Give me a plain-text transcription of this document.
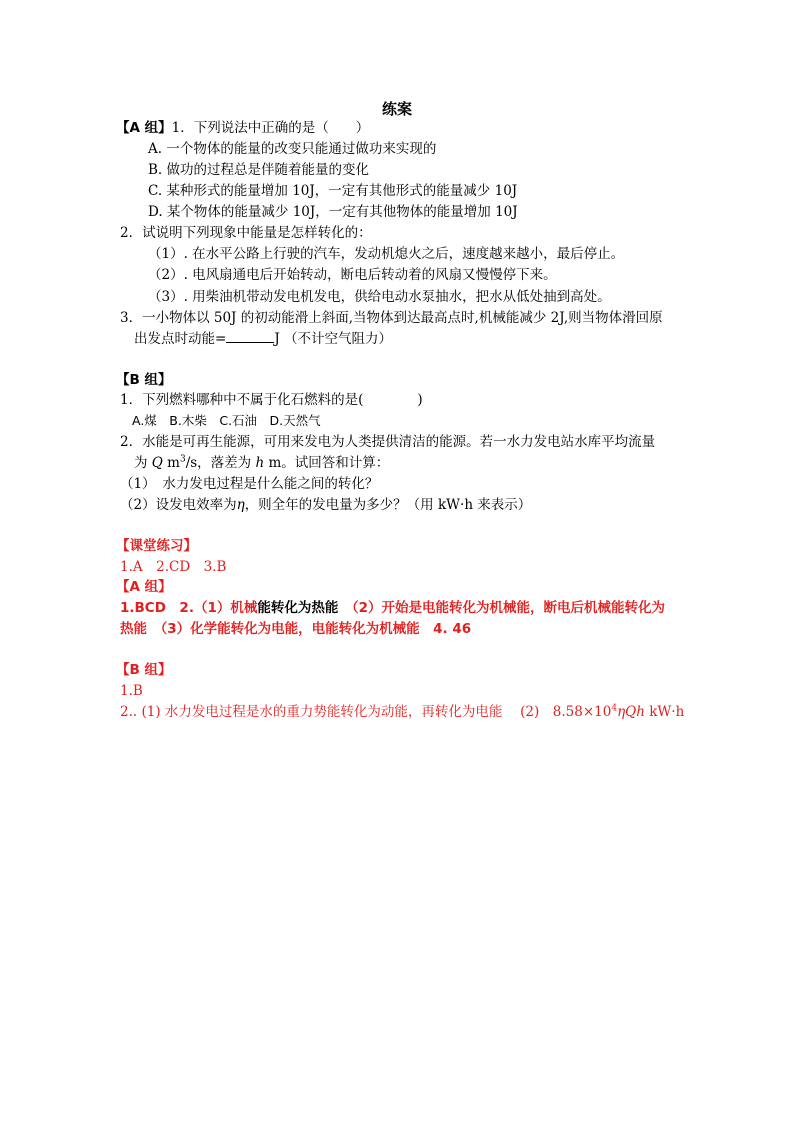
练案
【A 组】1．下列说法中正确的是（　　）
A. 一个物体的能量的改变只能通过做功来实现的
B. 做功的过程总是伴随着能量的变化
C. 某种形式的能量增加 10J，一定有其他形式的能量减少 10J
D. 某个物体的能量减少 10J，一定有其他物体的能量增加 10J
2．试说明下列现象中能量是怎样转化的：
（1）. 在水平公路上行驶的汽车，发动机熄火之后，速度越来越小，最后停止。
（2）. 电风扇通电后开始转动，断电后转动着的风扇又慢慢停下来。
（3）. 用柴油机带动发电机发电，供给电动水泵抽水，把水从低处抽到高处。
3．一小物体以 50J 的初动能滑上斜面,当物体到达最高点时,机械能减少 2J,则当物体滑回原
出发点时动能=	J （不计空气阻力）
【B 组】
1．下列燃料哪种中不属于化石燃料的是(　　　　)
A.煤　B.木柴　C.石油　D.天然气
2．水能是可再生能源，可用来发电为人类提供清洁的能源。若一水力发电站水库平均流量
为 Q $m^3/s$，落差为 h m。试回答和计算：
（1）　水力发电过程是什么能之间的转化？
（2）设发电效率为η，则全年的发电量为多少？（用 kW·h 来表示）
【课堂练习】
1.A　2.CD　3.B
【A 组】
1.BCD　2.（1）机械能转化为热能　（2）开始是电能转化为机械能，断电后机械能转化为
热能　（3）化学能转化为电能，电能转化为机械能　4. 46
【B 组】
1.B
2.. (1) 水力发电过程是水的重力势能转化为动能，再转化为电能　 (2)　$8.58\times 10^4\eta Qh$ kW·h
